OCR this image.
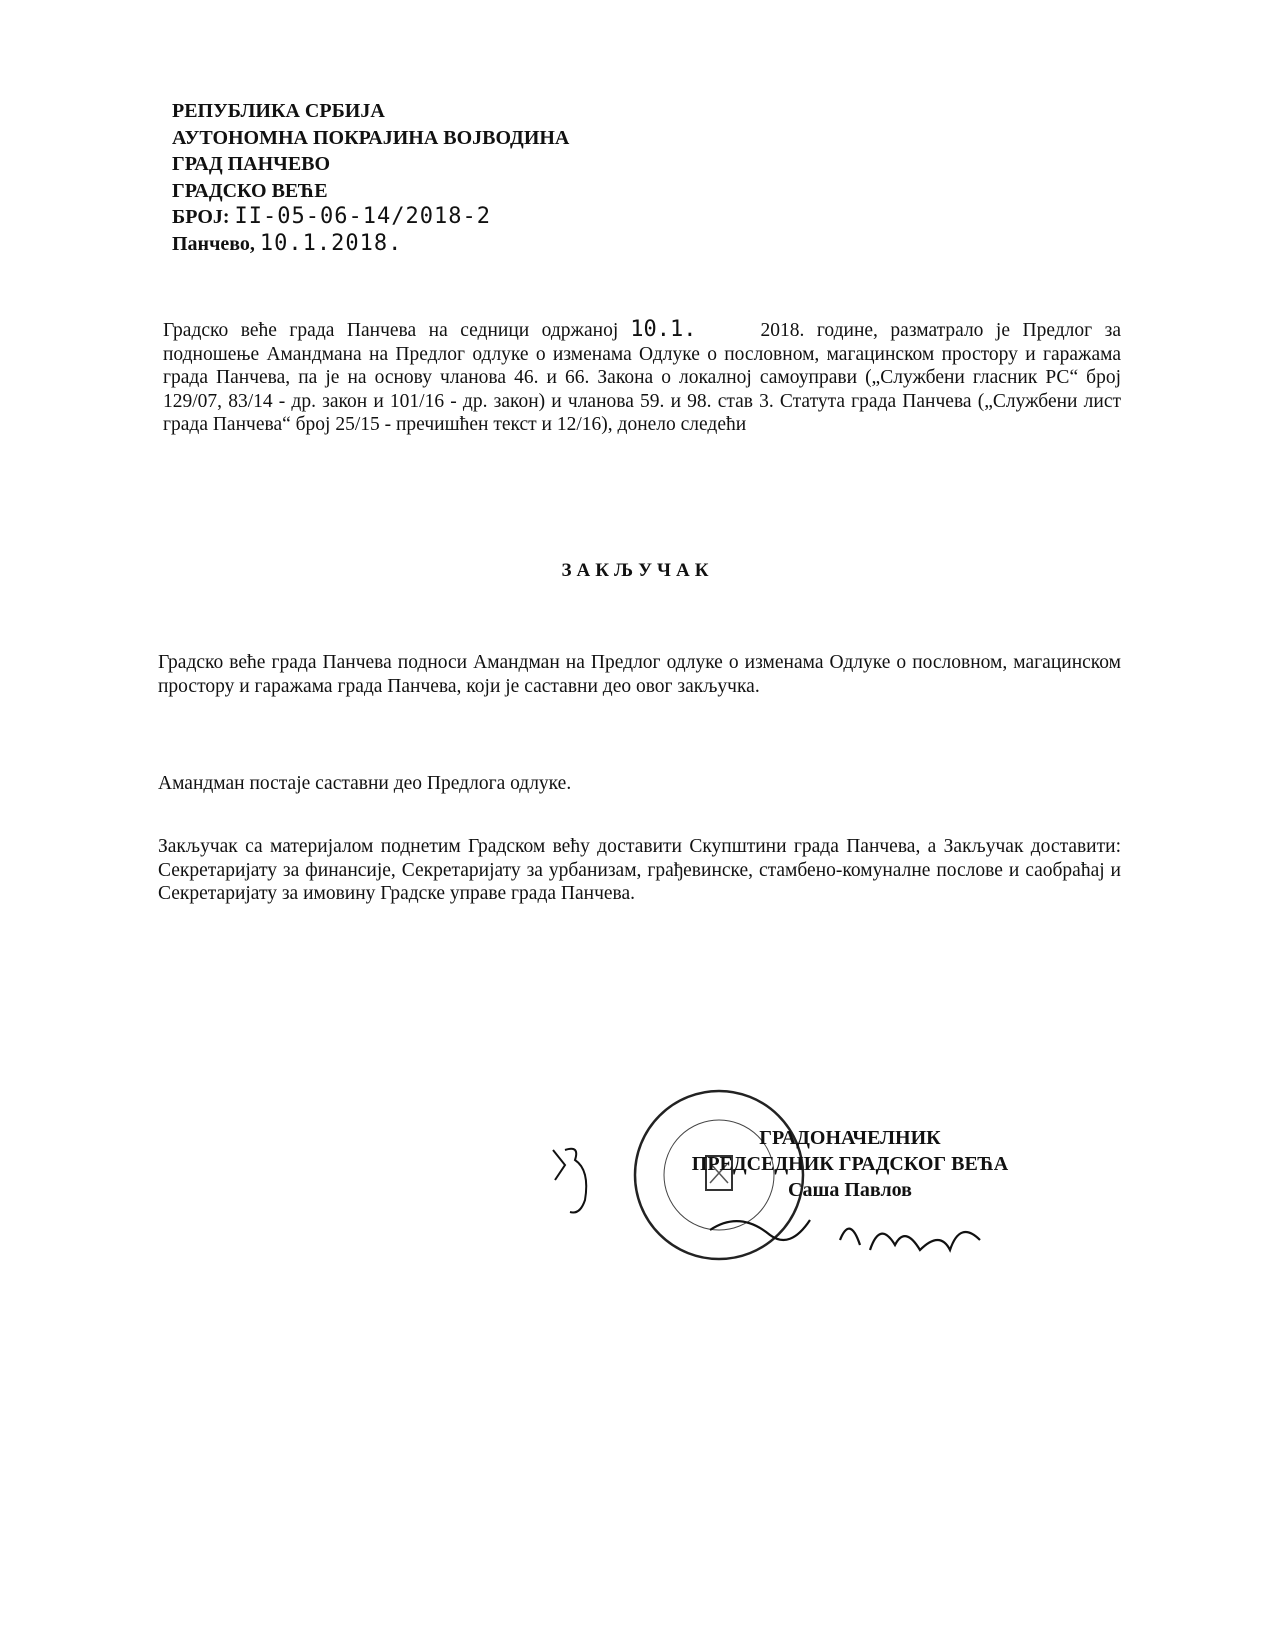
РЕПУБЛИКА СРБИЈА
АУТОНОМНА ПОКРАЈИНА ВОЈВОДИНА
ГРАД ПАНЧЕВО
ГРАДСКО ВЕЋЕ
БРОЈ: II-05-06-14/2018-2
Панчево, 10.1.2018.
Градско веће града Панчева на седници одржаној 10.1.	2018. године, разматрало је Предлог за подношење Амандмана на Предлог одлуке о изменама Одлуке о пословном, магацинском простору и гаражама града Панчева, па је на основу чланова 46. и 66. Закона о локалној самоуправи („Службени гласник РС“ број 129/07, 83/14 - др. закон и 101/16 - др. закон) и чланова 59. и 98. став 3. Статута града Панчева („Службени лист града Панчева“ број 25/15 - пречишћен текст и 12/16), донело следећи
ЗАКЉУЧАК
Градско веће града Панчева подноси Амандман на Предлог одлуке о изменама Одлуке о пословном, магацинском простору и гаражама града Панчева, који је саставни део овог закључка.
Амандман постаје саставни део Предлога одлуке.
Закључак са материјалом поднетим Градском већу доставити Скупштини града Панчева, а Закључак доставити: Секретаријату за финансије, Секретаријату за урбанизам, грађевинске, стамбено-комуналне послове и саобраћај и Секретаријату за имовину Градске управе града Панчева.
ГРАДОНАЧЕЛНИК
ПРЕДСЕДНИК ГРАДСКОГ ВЕЋА
Саша Павлов
